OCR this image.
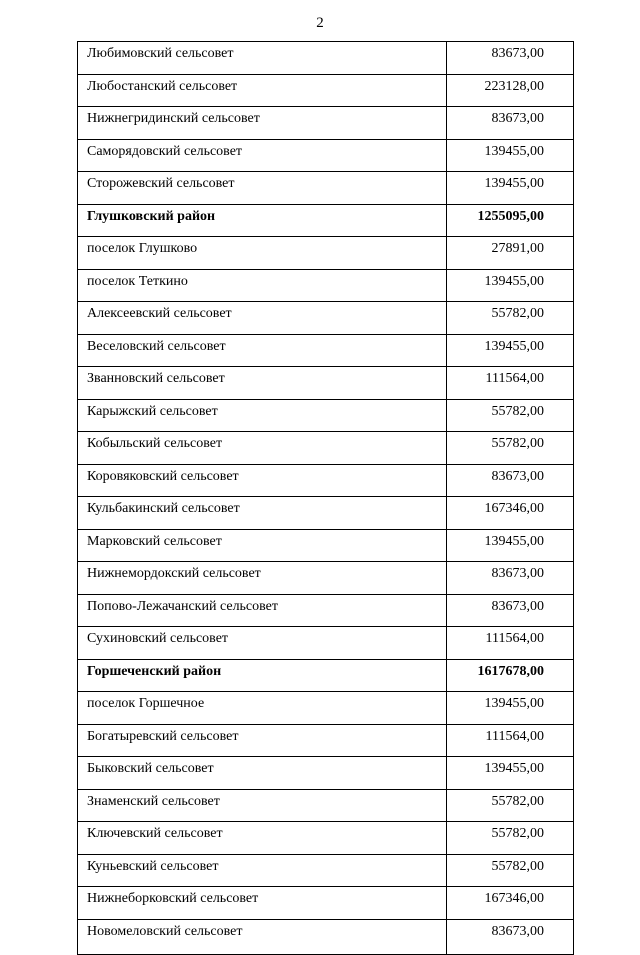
2
Любимовский сельсовет	83673,00
Любостанский сельсовет	223128,00
Нижнегридинский сельсовет	83673,00
Саморядовский сельсовет	139455,00
Сторожевский сельсовет	139455,00
Глушковский район	1255095,00
поселок Глушково	27891,00
поселок Теткино	139455,00
Алексеевский сельсовет	55782,00
Веселовский сельсовет	139455,00
Званновский сельсовет	111564,00
Карыжский сельсовет	55782,00
Кобыльский сельсовет	55782,00
Коровяковский сельсовет	83673,00
Кульбакинский сельсовет	167346,00
Марковский сельсовет	139455,00
Нижнемордокский сельсовет	83673,00
Попово-Лежачанский сельсовет	83673,00
Сухиновский сельсовет	111564,00
Горшеченский район	1617678,00
поселок Горшечное	139455,00
Богатыревский сельсовет	111564,00
Быковский сельсовет	139455,00
Знаменский сельсовет	55782,00
Ключевский сельсовет	55782,00
Куньевский сельсовет	55782,00
Нижнеборковский сельсовет	167346,00
Новомеловский сельсовет	83673,00
